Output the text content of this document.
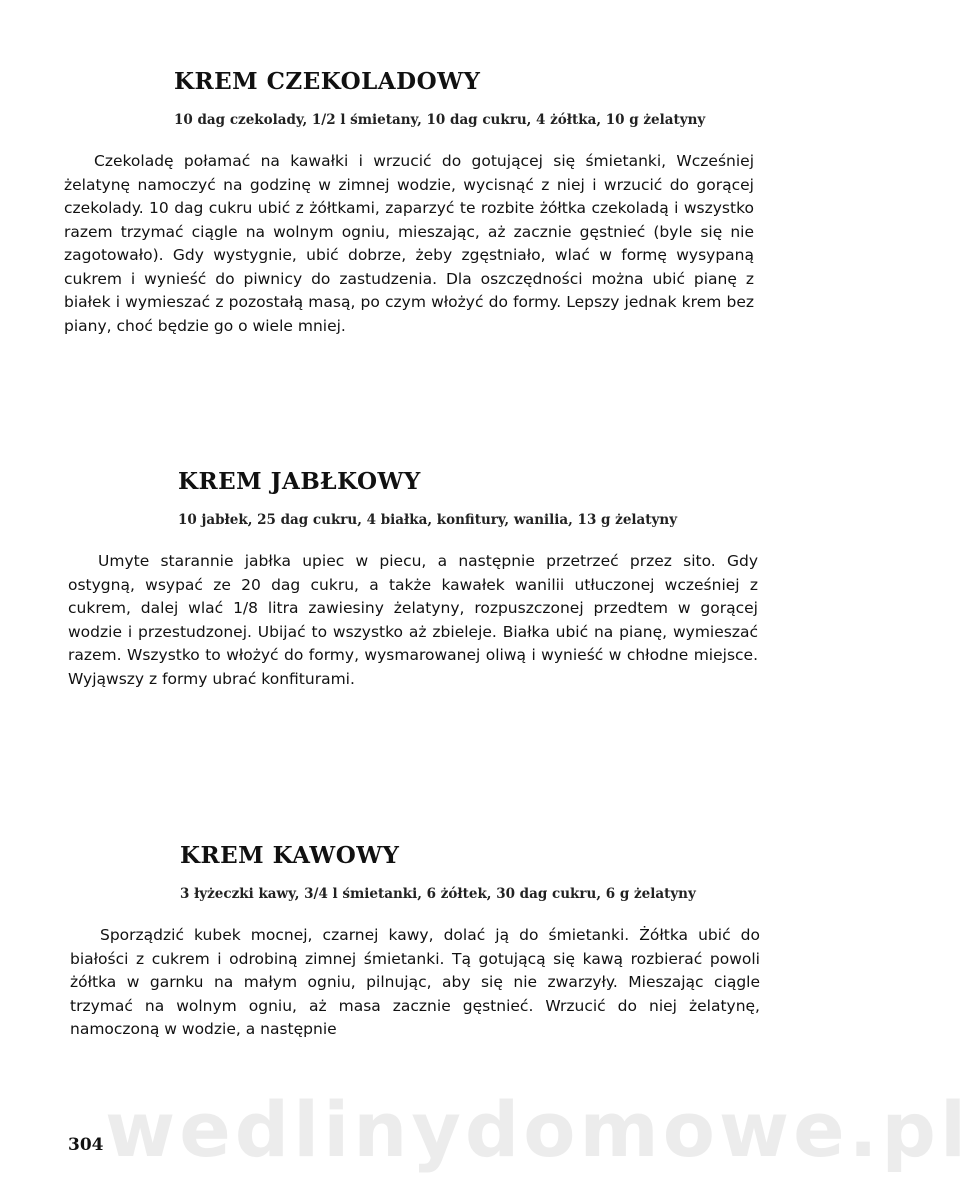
wedlinydomowe.pl
KREM CZEKOLADOWY

10 dag czekolady, 1/2 l śmietany, 10 dag cukru, 4 żółtka, 10 g żelatyny

Czekoladę połamać na kawałki i wrzucić do gotującej się śmietanki, Wcześniej żelatynę namoczyć na godzinę w zimnej wodzie, wycisnąć z niej i wrzucić do gorącej czekolady. 10 dag cukru ubić z żółtkami, zaparzyć te rozbite żółtka czekoladą i wszystko razem trzymać ciągle na wolnym ogniu, mieszając, aż zacznie gęstnieć (byle się nie zagotowało). Gdy wystygnie, ubić dobrze, żeby zgęstniało, wlać w formę wysypaną cukrem i wynieść do piwnicy do zastudzenia. Dla oszczędności można ubić pianę z białek i wymieszać z pozostałą masą, po czym włożyć do formy. Lepszy jednak krem bez piany, choć będzie go o wiele mniej.

KREM JABŁKOWY

10 jabłek, 25 dag cukru, 4 białka, konfitury, wanilia, 13 g żelatyny

Umyte starannie jabłka upiec w piecu, a następnie przetrzeć przez sito. Gdy ostygną, wsypać ze 20 dag cukru, a także kawałek wanilii utłuczonej wcześniej z cukrem, dalej wlać 1/8 litra zawiesiny żelatyny, rozpuszczonej przedtem w gorącej wodzie i przestudzonej. Ubijać to wszystko aż zbieleje. Białka ubić na pianę, wymieszać razem. Wszystko to włożyć do formy, wysmarowanej oliwą i wynieść w chłodne miejsce. Wyjąwszy z formy ubrać konfiturami.

KREM KAWOWY

3 łyżeczki kawy, 3/4 l śmietanki, 6 żółtek, 30 dag cukru, 6 g żelatyny

Sporządzić kubek mocnej, czarnej kawy, dolać ją do śmietanki. Żółtka ubić do białości z cukrem i odrobiną zimnej śmietanki. Tą gotującą się kawą rozbierać powoli żółtka w garnku na małym ogniu, pilnując, aby się nie zwarzyły. Mieszając ciągle trzymać na wolnym ogniu, aż masa zacznie gęstnieć. Wrzucić do niej żelatynę, namoczoną w wodzie, a następnie

304
